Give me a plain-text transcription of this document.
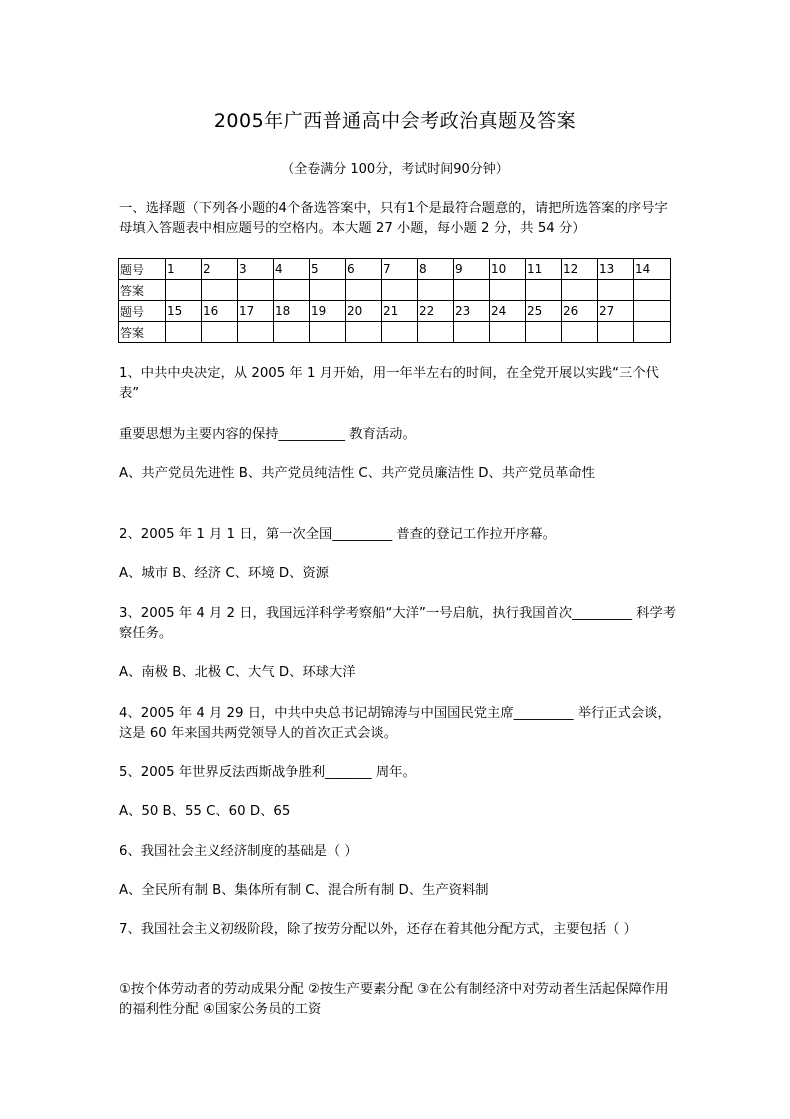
2005年广西普通高中会考政治真题及答案
（全卷满分 100分，考试时间90分钟）
一、选择题（下列各小题的4个备选答案中，只有1个是最符合题意的，请把所选答案的序号字母填入答题表中相应题号的空格内。本大题 27 小题，每小题 2 分，共 54 分）
题号	1	2	3	4	5	6	7	8	9	10	11	12	13	14
答案														
题号	15	16	17	18	19	20	21	22	23	24	25	26	27	
答案														
1、中共中央决定，从 2005 年 1 月开始，用一年半左右的时间，在全党开展以实践“三个代表”
重要思想为主要内容的保持__________ 教育活动。
A、共产党员先进性 B、共产党员纯洁性 C、共产党员廉洁性 D、共产党员革命性
2、2005 年 1 月 1 日，第一次全国_________ 普查的登记工作拉开序幕。
A、城市 B、经济 C、环境 D、资源
3、2005 年 4 月 2 日，我国远洋科学考察船“大洋”一号启航，执行我国首次_________ 科学考察任务。
A、南极 B、北极 C、大气 D、环球大洋
4、2005 年 4 月 29 日，中共中央总书记胡锦涛与中国国民党主席_________ 举行正式会谈，这是 60 年来国共两党领导人的首次正式会谈。
5、2005 年世界反法西斯战争胜利_______ 周年。
A、50 B、55 C、60 D、65
6、我国社会主义经济制度的基础是（ ）
A、全民所有制 B、集体所有制 C、混合所有制 D、生产资料制
7、我国社会主义初级阶段，除了按劳分配以外，还存在着其他分配方式，主要包括（ ）
①按个体劳动者的劳动成果分配 ②按生产要素分配 ③在公有制经济中对劳动者生活起保障作用的福利性分配 ④国家公务员的工资
